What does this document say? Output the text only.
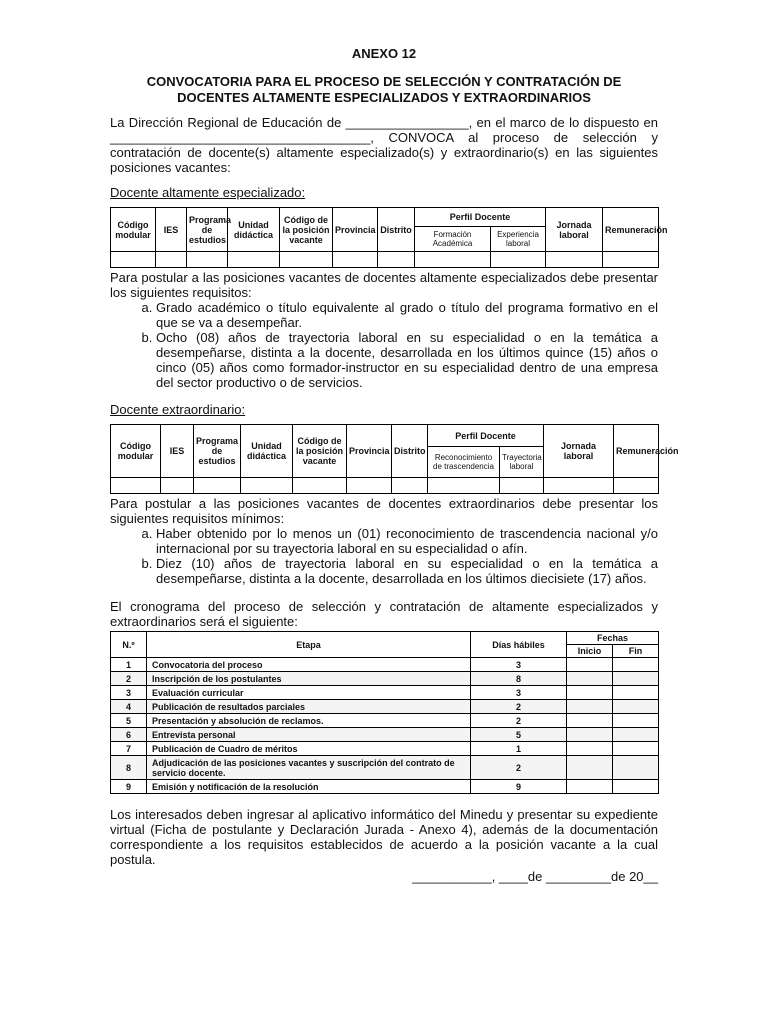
ANEXO 12
CONVOCATORIA PARA EL PROCESO DE SELECCIÓN Y CONTRATACIÓN DE
DOCENTES ALTAMENTE ESPECIALIZADOS Y EXTRAORDINARIOS

La Dirección Regional de Educación de _________________, en el marco de lo dispuesto en ____________________________________, CONVOCA al proceso de selección y contratación de docente(s) altamente especializado(s) y extraordinario(s) en las siguientes posiciones vacantes:

Docente altamente especializado:
Código modular	IES	Programa de estudios	Unidad didáctica	Código de la posición vacante	Provincia	Distrito	Perfil Docente		Jornada laboral	Remuneración
							Formación Académica	Experiencia laboral		

Para postular a las posiciones vacantes de docentes altamente especializados debe presentar los siguientes requisitos:

a. Grado académico o título equivalente al grado o título del programa formativo en el que se va a desempeñar.
b. Ocho (08) años de trayectoria laboral en su especialidad o en la temática a desempeñarse, distinta a la docente, desarrollada en los últimos quince (15) años o cinco (05) años como formador-instructor en su especialidad dentro de una empresa del sector productivo o de servicios.
Docente extraordinario:
Código modular	IES	Programa de estudios	Unidad didáctica	Código de la posición vacante	Provincia	Distrito	Perfil Docente		Jornada laboral	Remuneración
							Reconocimiento de trascendencia	Trayectoria laboral		

Para postular a las posiciones vacantes de docentes extraordinarios debe presentar los siguientes requisitos mínimos:

a. Haber obtenido por lo menos un (01) reconocimiento de trascendencia nacional y/o internacional por su trayectoria laboral en su especialidad o afín.
b. Diez (10) años de trayectoria laboral en su especialidad o en la temática a desempeñarse, distinta a la docente, desarrollada en los últimos diecisiete (17) años.

El cronograma del proceso de selección y contratación de altamente especializados y extraordinarios será el siguiente:

N.º	Etapa	Días hábiles	Fechas	
			Inicio	Fin
1	Convocatoria del proceso	3		
2	Inscripción de los postulantes	8		
3	Evaluación curricular	3		
4	Publicación de resultados parciales	2		
5	Presentación y absolución de reclamos.	2		
6	Entrevista personal	5		
7	Publicación de Cuadro de méritos	1		
8	Adjudicación de las posiciones vacantes y suscripción del contrato de servicio docente.	2		
9	Emisión y notificación de la resolución	9		

Los interesados deben ingresar al aplicativo informático del Minedu y presentar su expediente virtual (Ficha de postulante y Declaración Jurada - Anexo 4), además de la documentación correspondiente a los requisitos establecidos de acuerdo a la posición vacante a la cual postula.

___________, ____de _________de 20__
